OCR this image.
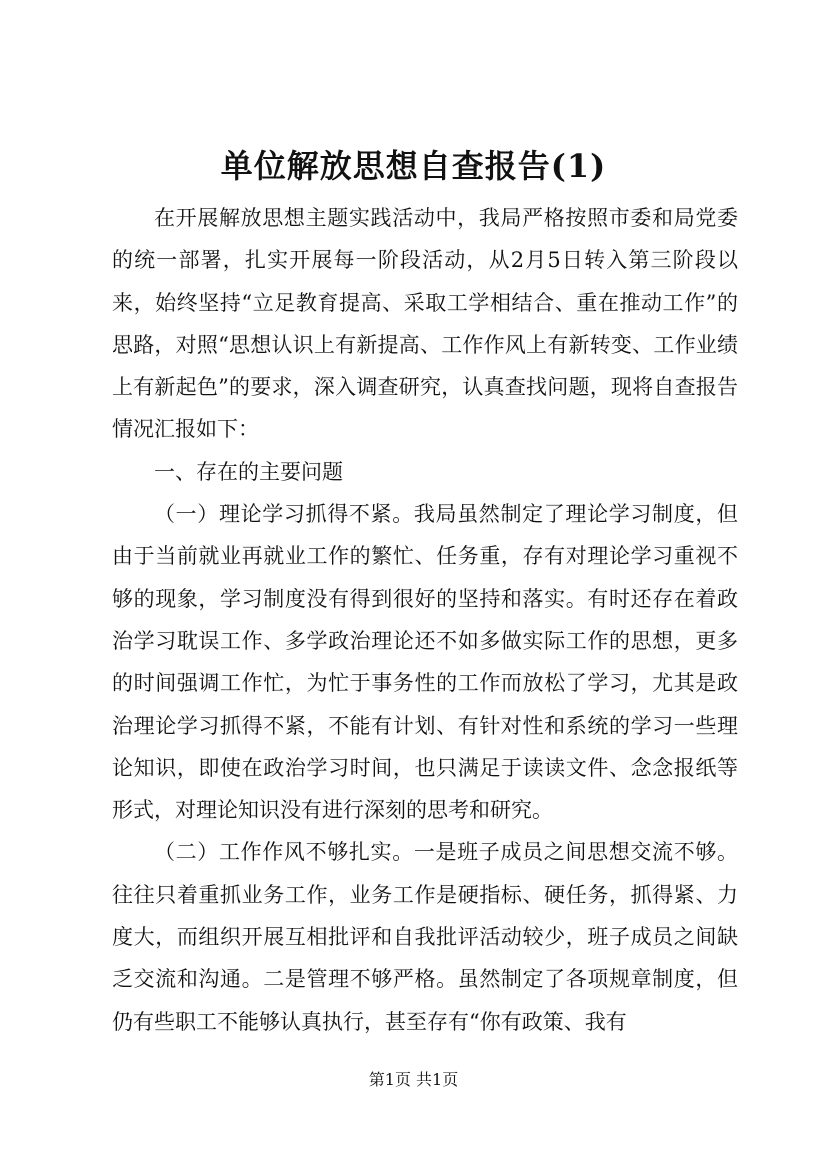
单位解放思想自查报告(1)

在开展解放思想主题实践活动中，我局严格按照市委和局党委的统一部署，扎实开展每一阶段活动，从2月5日转入第三阶段以来，始终坚持“立足教育提高、采取工学相结合、重在推动工作”的思路，对照“思想认识上有新提高、工作作风上有新转变、工作业绩上有新起色”的要求，深入调查研究，认真查找问题，现将自查报告情况汇报如下：

一、存在的主要问题

（一）理论学习抓得不紧。我局虽然制定了理论学习制度，但由于当前就业再就业工作的繁忙、任务重，存有对理论学习重视不够的现象，学习制度没有得到很好的坚持和落实。有时还存在着政治学习耽误工作、多学政治理论还不如多做实际工作的思想，更多的时间强调工作忙，为忙于事务性的工作而放松了学习，尤其是政治理论学习抓得不紧，不能有计划、有针对性和系统的学习一些理论知识，即使在政治学习时间，也只满足于读读文件、念念报纸等形式，对理论知识没有进行深刻的思考和研究。

（二）工作作风不够扎实。一是班子成员之间思想交流不够。往往只着重抓业务工作，业务工作是硬指标、硬任务，抓得紧、力度大，而组织开展互相批评和自我批评活动较少，班子成员之间缺乏交流和沟通。二是管理不够严格。虽然制定了各项规章制度，但仍有些职工不能够认真执行，甚至存有“你有政策、我有

第1页 共1页
